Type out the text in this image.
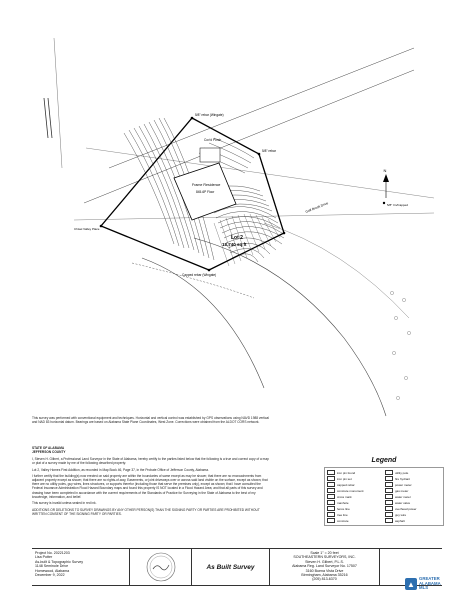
5/8" rebar (Wingate)
5/8" rebar
Capped rebar (Wingate)
Cov'd Porch
Frame Residence
845-6P Floor
Lot 2
18,740 sq ft
Golf Brook Drive
Chisel Valley Place
5/8" Irn/Capped
N

This survey was performed with conventional equipment and techniques. Horizontal and vertical control was established by GPS observations using NAVD 1988 vertical and NAD 83 horizontal datum. Bearings are based on Alabama State Plane Coordinates, West Zone. Corrections were obtained from the ALDOT CORS network.

STATE OF ALABAMA

JEFFERSON COUNTY

I, Steven H. Gilbert, a Professional Land Surveyor in the State of Alabama, hereby certify to the parties listed below that the following is a true and correct copy of a map or plat of a survey made by me of the following described property:

Lot 2, Valley Homes First Addition, as recorded in Map Book 46, Page 37, in the Probate Office of Jefferson County, Alabama.

I further certify that the building(s) now erected on said property are within the boundaries of same except as may be shown; that there are no encroachments from adjacent property except as shown; that there are no rights-of-way, Easements, or joint driveways over or across said land visible on the surface, except as shown; that there are no utility poles, guy wires, lines structures, or supports therefor (including those that serve the premises only), except as shown; that I have consulted the Federal Insurance Administration Flood Hazard Boundary maps and found this property IS NOT located in a Flood Hazard Area; and that all parts of this survey and drawing have been completed in accordance with the current requirements of the Standards of Practice for Surveying in the State of Alabama to the best of my knowledge, information, and belief.

This survey is invalid unless sealed in red ink.

ADDITIONS OR DELETIONS TO SURVEY DRAWINGS BY ANY OTHER PERSON(S) THAN THE SIGNING PARTY OR PARTIES ARE PROHIBITED WITHOUT WRITTEN CONSENT OF THE SIGNING PARTY OR PARTIES.

Legend
iron pin found	utility pole
iron pin set	fire hydrant
capped rebar	power meter
concrete monument	gas meter
cross mark	water meter
manhole	water valve
fence line	overhead power
tree line	guy wire
concrete	asphalt
Project No. 20221203
Lisa Potter
As-built & Topographic Survey
1148 Seminole Drive
Homewood, Alabama
December 9, 2022
As Built Survey
Scale 1" = 20 feet
SOUTHEASTERN SURVEYORS, INC.
Steven H. Gilbert, P.L.S.
Alabama Reg. Land Surveyor No. 17507
3160 Buena Vista Drive
Birmingham, Alabama 35216
(205) 813-6370
▲
GREATER
ALABAMA
MLS
